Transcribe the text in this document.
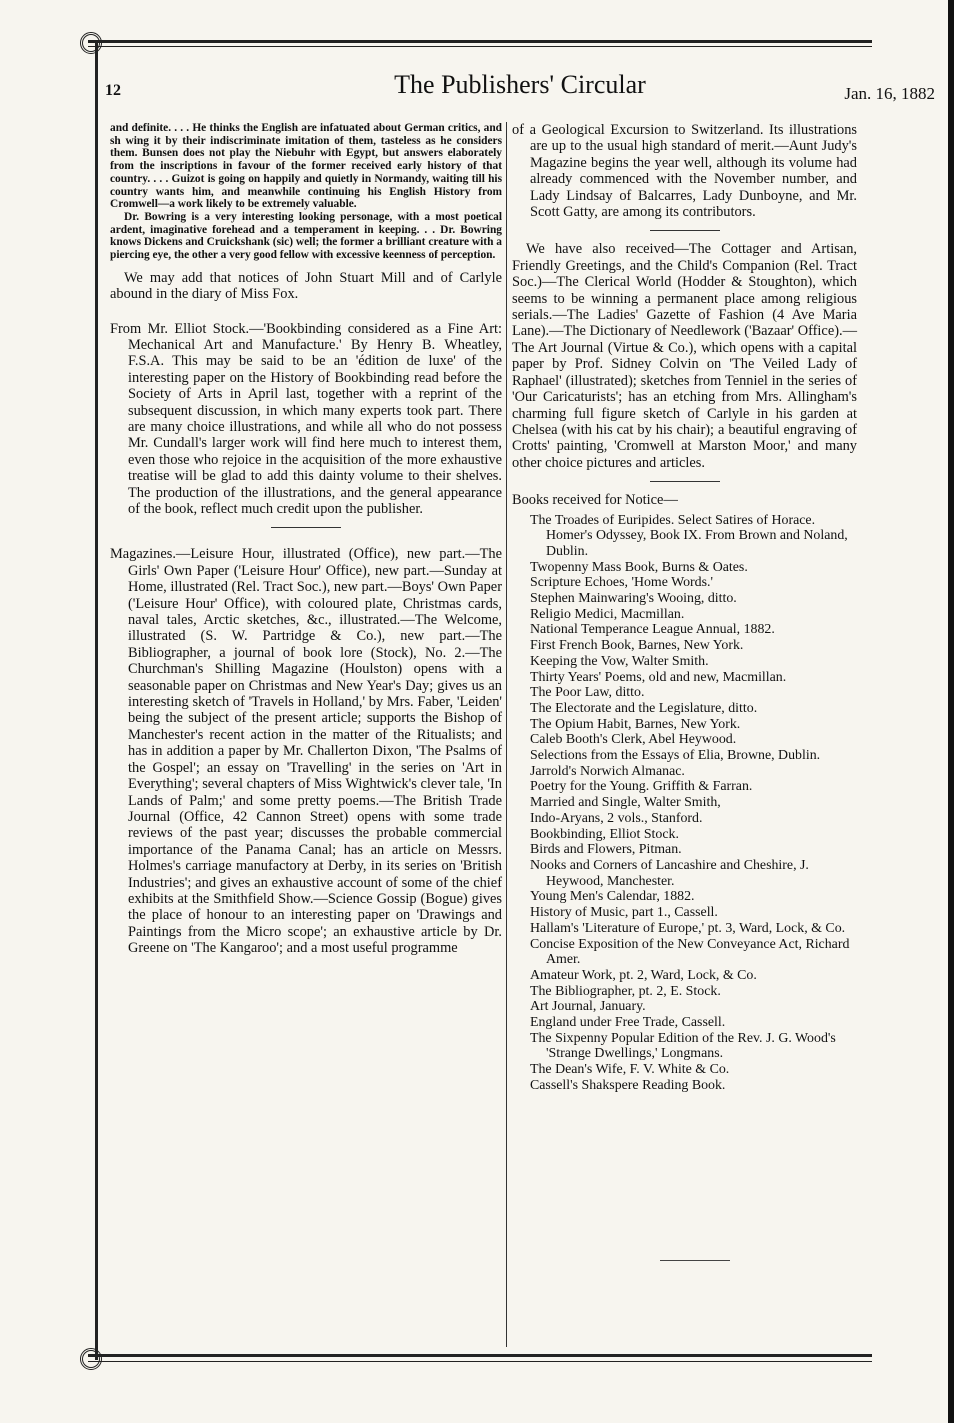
12	The Publishers' Circular	Jan. 16, 1882

and definite. . . . He thinks the English are infatuated about German critics, and sh wing it by their indiscriminate imitation of them, tasteless as he considers them. Bunsen does not play the Niebuhr with Egypt, but answers elaborately from the inscriptions in favour of the former received early history of that country. . . . Guizot is going on happily and quietly in Normandy, waiting till his country wants him, and meanwhile continuing his English History from Cromwell—a work likely to be extremely valuable.

Dr. Bowring is a very interesting looking personage, with a most poetical ardent, imaginative forehead and a temperament in keeping. . . Dr. Bowring knows Dickens and Cruickshank (sic) well; the former a brilliant creature with a piercing eye, the other a very good fellow with excessive keenness of perception.

We may add that notices of John Stuart Mill and of Carlyle abound in the diary of Miss Fox.

From Mr. Elliot Stock.—'Bookbinding considered as a Fine Art: Mechanical Art and Manufacture.' By Henry B. Wheatley, F.S.A. This may be said to be an 'édition de luxe' of the interesting paper on the History of Bookbinding read before the Society of Arts in April last, together with a reprint of the subsequent discussion, in which many experts took part. There are many choice illustrations, and while all who do not possess Mr. Cundall's larger work will find here much to interest them, even those who rejoice in the acquisition of the more exhaustive treatise will be glad to add this dainty volume to their shelves. The production of the illustrations, and the general appearance of the book, reflect much credit upon the publisher.

Magazines.—Leisure Hour, illustrated (Office), new part.—The Girls' Own Paper ('Leisure Hour' Office), new part.—Sunday at Home, illustrated (Rel. Tract Soc.), new part.—Boys' Own Paper ('Leisure Hour' Office), with coloured plate, Christmas cards, naval tales, Arctic sketches, &c., illustrated.—The Welcome, illustrated (S. W. Partridge & Co.), new part.—The Bibliographer, a journal of book lore (Stock), No. 2.—The Churchman's Shilling Magazine (Houlston) opens with a seasonable paper on Christmas and New Year's Day; gives us an interesting sketch of 'Travels in Holland,' by Mrs. Faber, 'Leiden' being the subject of the present article; supports the Bishop of Manchester's recent action in the matter of the Ritualists; and has in addition a paper by Mr. Challerton Dixon, 'The Psalms of the Gospel'; an essay on 'Travelling' in the series on 'Art in Everything'; several chapters of Miss Wightwick's clever tale, 'In Lands of Palm;' and some pretty poems.—The British Trade Journal (Office, 42 Cannon Street) opens with some trade reviews of the past year; discusses the probable commercial importance of the Panama Canal; has an article on Messrs. Holmes's carriage manufactory at Derby, in its series on 'British Industries'; and gives an exhaustive account of some of the chief exhibits at the Smithfield Show.—Science Gossip (Bogue) gives the place of honour to an interesting paper on 'Drawings and Paintings from the Micro scope'; an exhaustive article by Dr. Greene on 'The Kangaroo'; and a most useful programme

of a Geological Excursion to Switzerland. Its illustrations are up to the usual high standard of merit.—Aunt Judy's Magazine begins the year well, although its volume had already commenced with the November number, and Lady Lindsay of Balcarres, Lady Dunboyne, and Mr. Scott Gatty, are among its contributors.

We have also received—The Cottager and Artisan, Friendly Greetings, and the Child's Companion (Rel. Tract Soc.)—The Clerical World (Hodder & Stoughton), which seems to be winning a permanent place among religious serials.—The Ladies' Gazette of Fashion (4 Ave Maria Lane).—The Dictionary of Needlework ('Bazaar' Office).—The Art Journal (Virtue & Co.), which opens with a capital paper by Prof. Sidney Colvin on 'The Veiled Lady of Raphael' (illustrated); sketches from Tenniel in the series of 'Our Caricaturists'; has an etching from Mrs. Allingham's charming full figure sketch of Carlyle in his garden at Chelsea (with his cat by his chair); a beautiful engraving of Crotts' painting, 'Cromwell at Marston Moor,' and many other choice pictures and articles.

Books received for Notice—

The Troades of Euripides. Select Satires of Horace. Homer's Odyssey, Book IX. From Brown and Noland, Dublin.
Twopenny Mass Book, Burns & Oates.
Scripture Echoes, 'Home Words.'
Stephen Mainwaring's Wooing, ditto.
Religio Medici, Macmillan.
National Temperance League Annual, 1882.
First French Book, Barnes, New York.
Keeping the Vow, Walter Smith.
Thirty Years' Poems, old and new, Macmillan.
The Poor Law, ditto.
The Electorate and the Legislature, ditto.
The Opium Habit, Barnes, New York.
Caleb Booth's Clerk, Abel Heywood.
Selections from the Essays of Elia, Browne, Dublin.
Jarrold's Norwich Almanac.
Poetry for the Young. Griffith & Farran.
Married and Single, Walter Smith,
Indo-Aryans, 2 vols., Stanford.
Bookbinding, Elliot Stock.
Birds and Flowers, Pitman.
Nooks and Corners of Lancashire and Cheshire, J. Heywood, Manchester.
Young Men's Calendar, 1882.
History of Music, part 1., Cassell.
Hallam's 'Literature of Europe,' pt. 3, Ward, Lock, & Co.
Concise Exposition of the New Conveyance Act, Richard Amer.
Amateur Work, pt. 2, Ward, Lock, & Co.
The Bibliographer, pt. 2, E. Stock.
Art Journal, January.
England under Free Trade, Cassell.
The Sixpenny Popular Edition of the Rev. J. G. Wood's 'Strange Dwellings,' Longmans.
The Dean's Wife, F. V. White & Co.
Cassell's Shakspere Reading Book.
